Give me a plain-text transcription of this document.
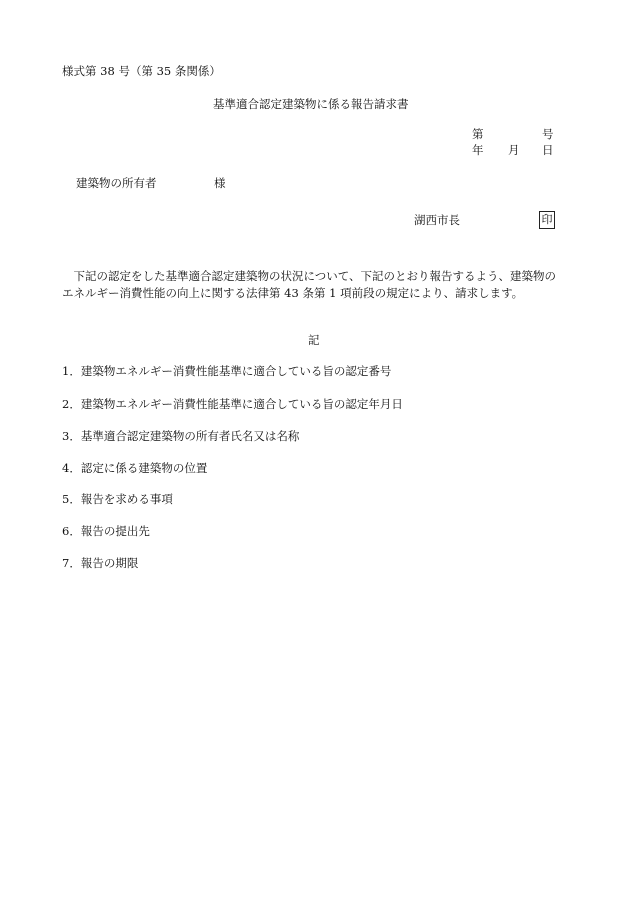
様式第 38 号（第 35 条関係）
基準適合認定建築物に係る報告請求書
第	号
年 月 日
建築物の所有者	様
湖西市長	印

下記の認定をした基準適合認定建築物の状況について、下記のとおり報告するよう、建築物の

エネルギー消費性能の向上に関する法律第 43 条第 1 項前段の規定により、請求します。

記
1．建築物エネルギー消費性能基準に適合している旨の認定番号
2．建築物エネルギー消費性能基準に適合している旨の認定年月日
3．基準適合認定建築物の所有者氏名又は名称
4．認定に係る建築物の位置
5．報告を求める事項
6．報告の提出先
7．報告の期限
